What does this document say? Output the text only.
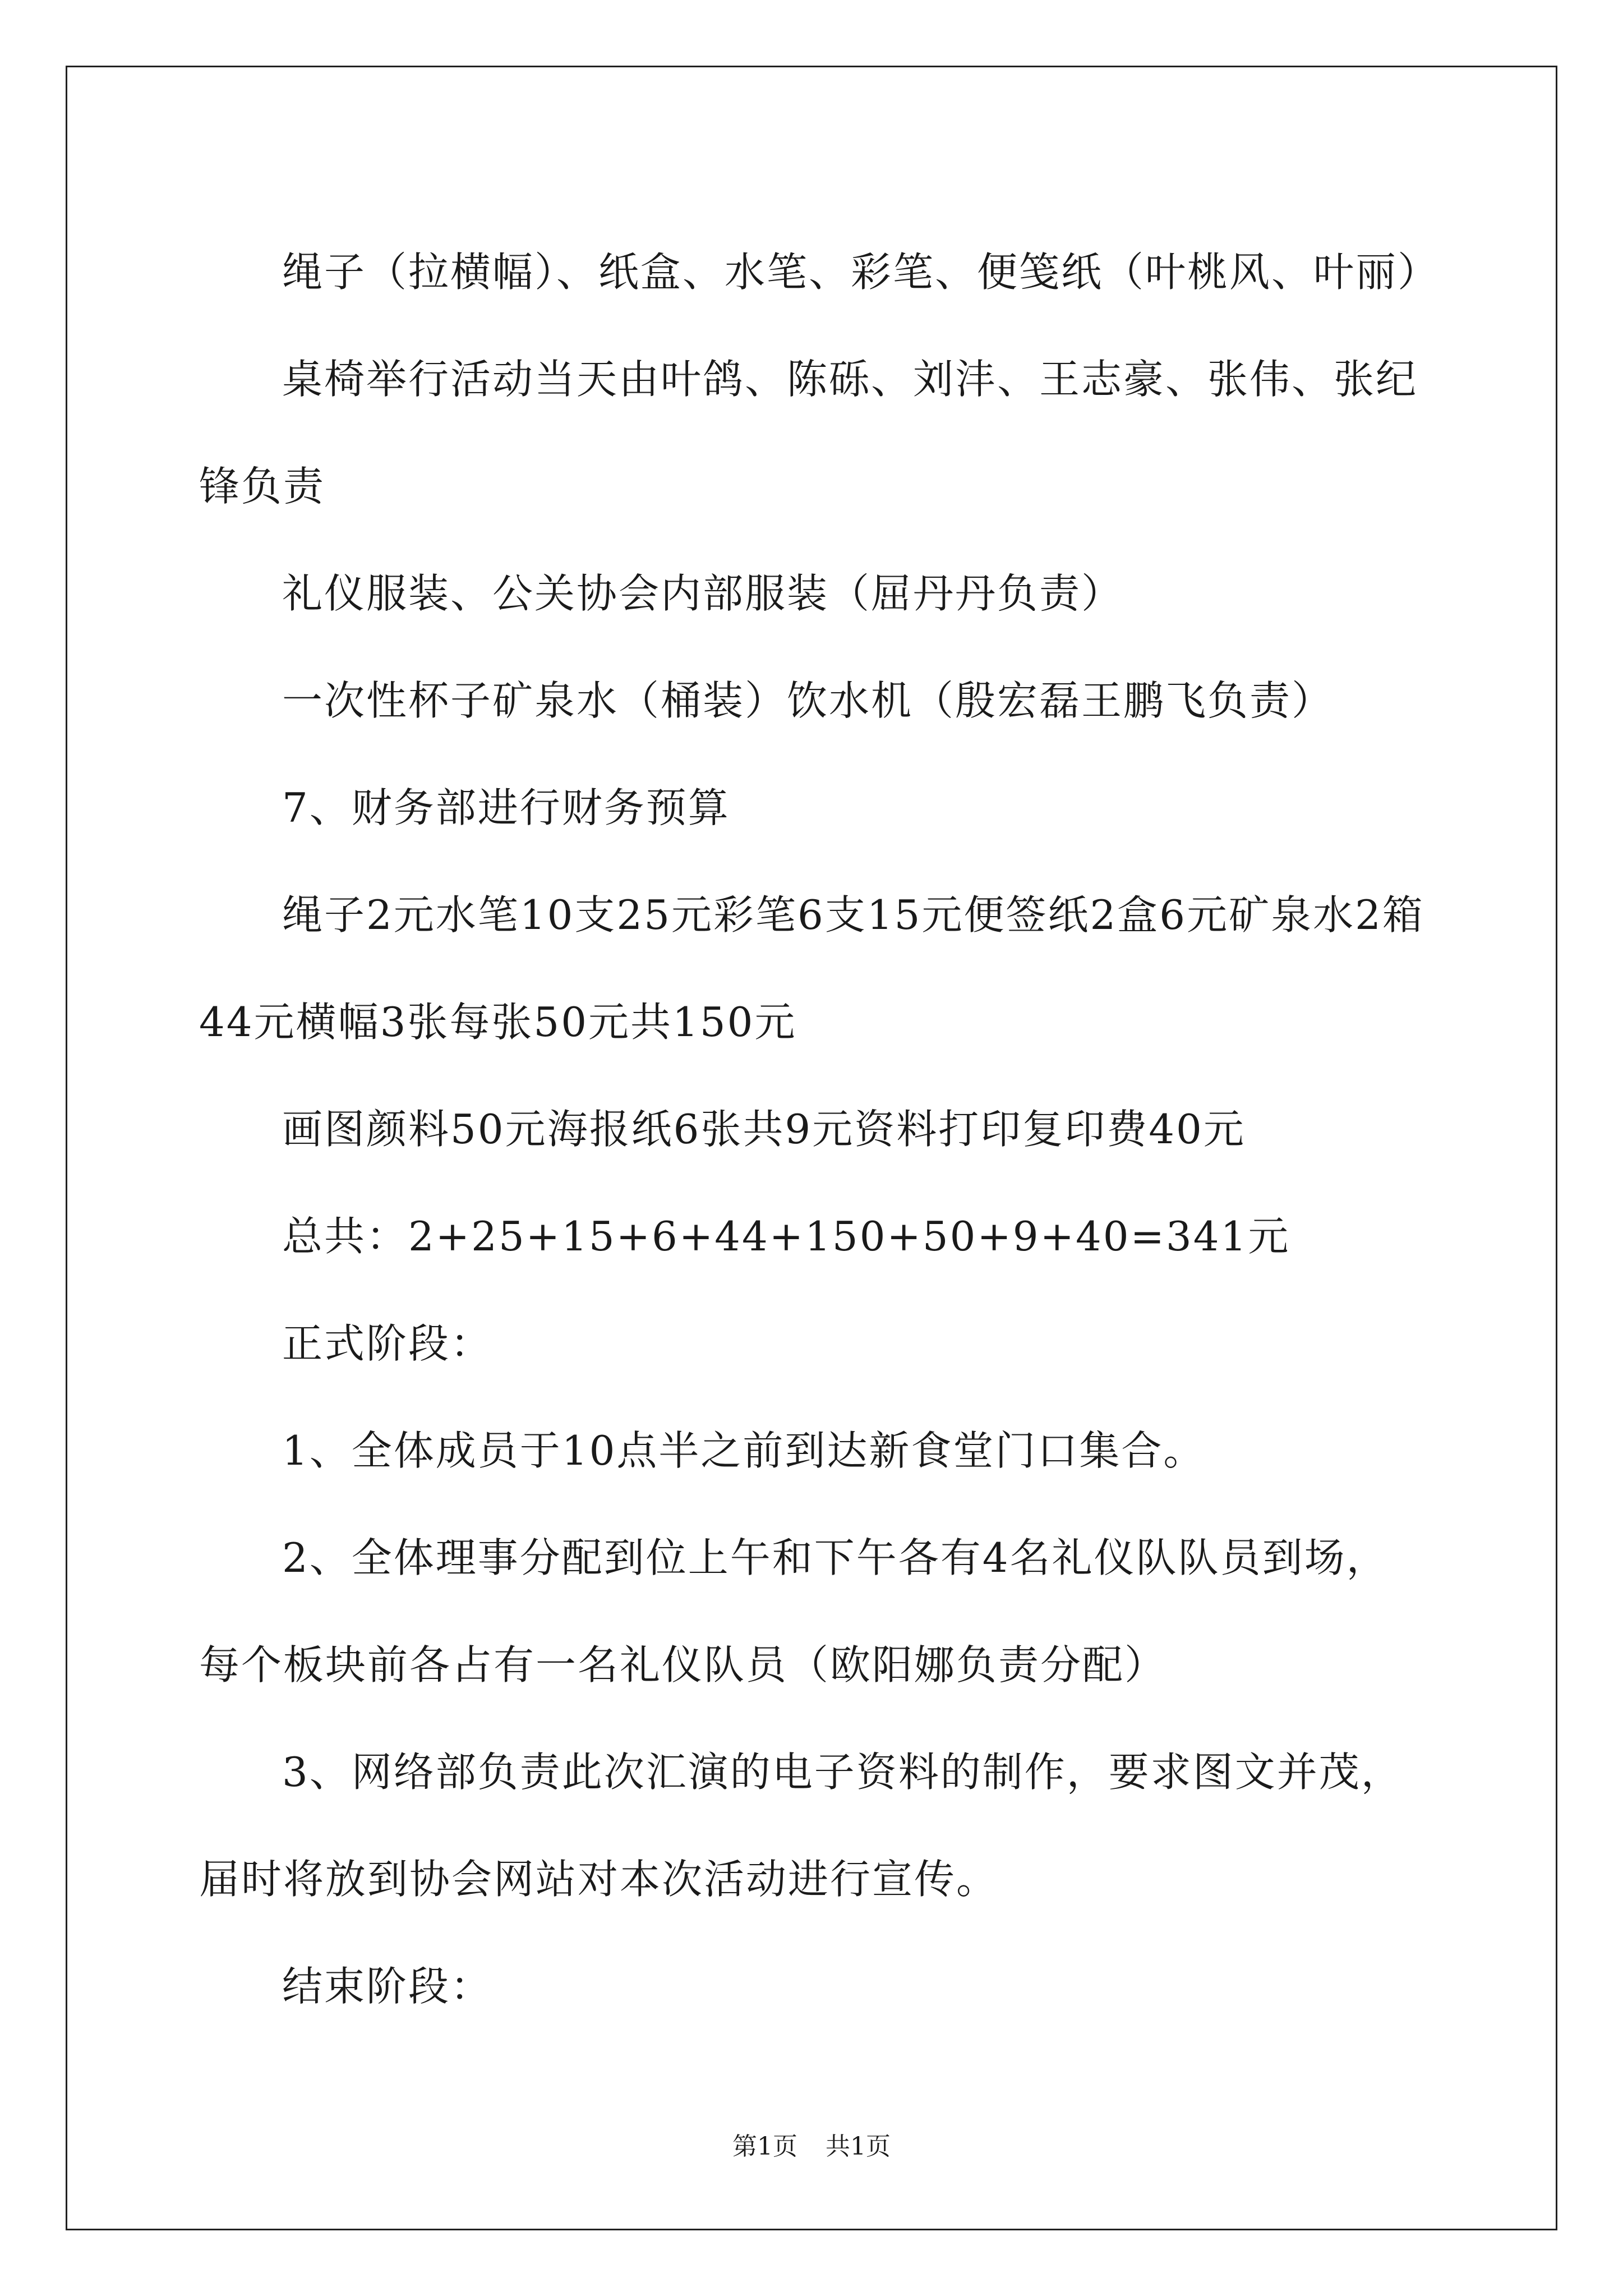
绳子（拉横幅）、纸盒、水笔、彩笔、便笺纸（叶桃风、叶丽）

桌椅举行活动当天由叶鸽、陈砾、刘沣、王志豪、张伟、张纪锋负责

礼仪服装、公关协会内部服装（屈丹丹负责）

一次性杯子矿泉水（桶装）饮水机（殷宏磊王鹏飞负责）

7、财务部进行财务预算

绳子2元水笔10支25元彩笔6支15元便签纸2盒6元矿泉水2箱44元横幅3张每张50元共150元

画图颜料50元海报纸6张共9元资料打印复印费40元

总共：2+25+15+6+44+150+50+9+40=341元

正式阶段：

1、全体成员于10点半之前到达新食堂门口集合。

2、全体理事分配到位上午和下午各有4名礼仪队队员到场，每个板块前各占有一名礼仪队员（欧阳娜负责分配）

3、网络部负责此次汇演的电子资料的制作，要求图文并茂，届时将放到协会网站对本次活动进行宣传。

结束阶段：

第1页 共1页
